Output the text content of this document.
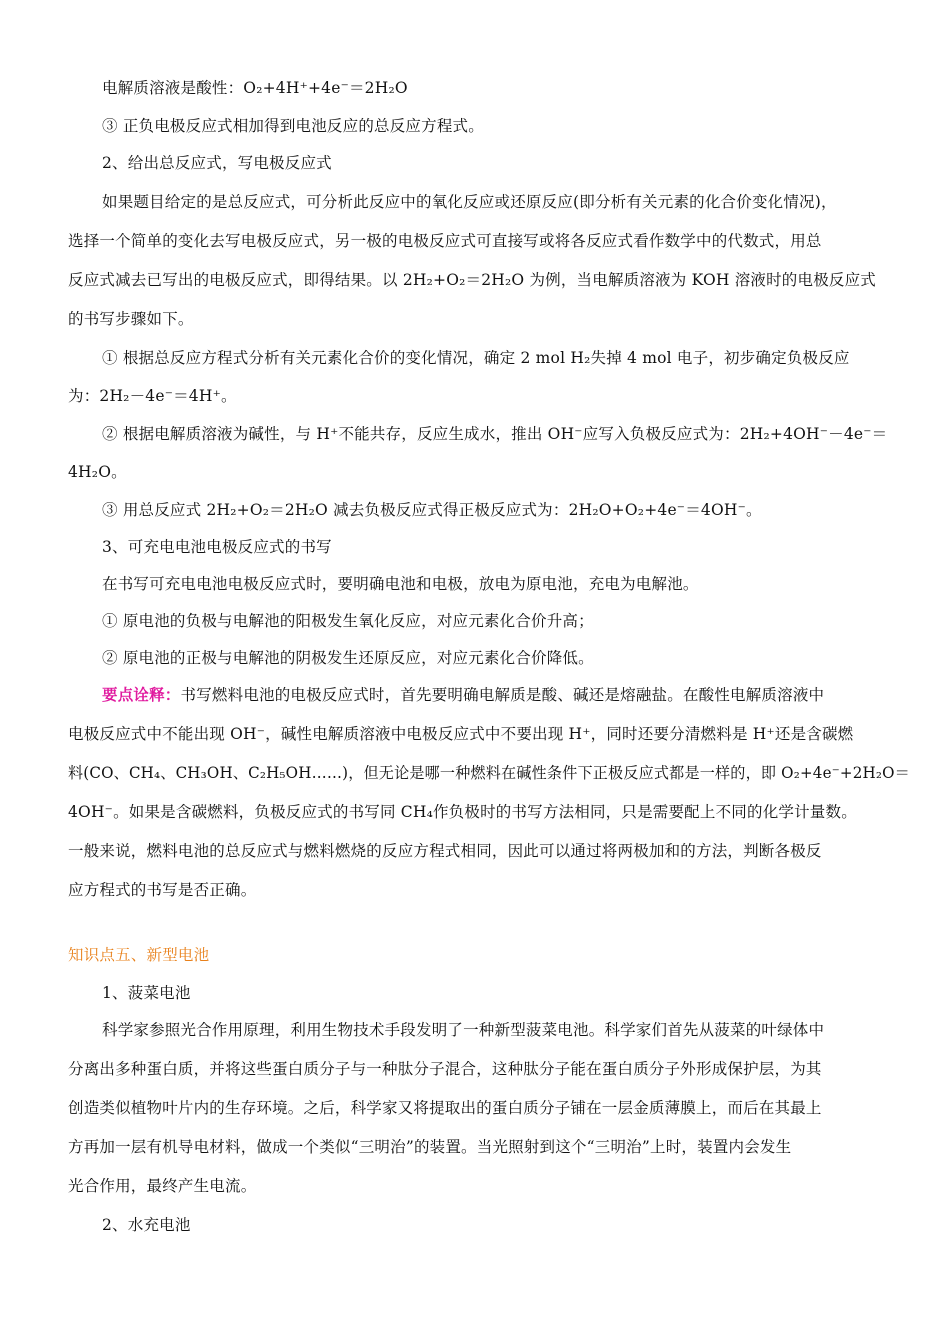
电解质溶液是酸性：O₂+4H⁺+4e⁻＝2H₂O
③ 正负电极反应式相加得到电池反应的总反应方程式。
2、给出总反应式，写电极反应式
如果题目给定的是总反应式，可分析此反应中的氧化反应或还原反应(即分析有关元素的化合价变化情况)，
选择一个简单的变化去写电极反应式，另一极的电极反应式可直接写或将各反应式看作数学中的代数式，用总
反应式减去已写出的电极反应式，即得结果。以 2H₂+O₂＝2H₂O 为例，当电解质溶液为 KOH 溶液时的电极反应式
的书写步骤如下。
① 根据总反应方程式分析有关元素化合价的变化情况，确定 2 mol H₂失掉 4 mol 电子，初步确定负极反应
为：2H₂－4e⁻＝4H⁺。
② 根据电解质溶液为碱性，与 H⁺不能共存，反应生成水，推出 OH⁻应写入负极反应式为：2H₂+4OH⁻－4e⁻＝
4H₂O。
③ 用总反应式 2H₂+O₂＝2H₂O 减去负极反应式得正极反应式为：2H₂O+O₂+4e⁻＝4OH⁻。
3、可充电电池电极反应式的书写
在书写可充电电池电极反应式时，要明确电池和电极，放电为原电池，充电为电解池。
① 原电池的负极与电解池的阳极发生氧化反应，对应元素化合价升高；
② 原电池的正极与电解池的阴极发生还原反应，对应元素化合价降低。
要点诠释：书写燃料电池的电极反应式时，首先要明确电解质是酸、碱还是熔融盐。在酸性电解质溶液中
电极反应式中不能出现 OH⁻，碱性电解质溶液中电极反应式中不要出现 H⁺，同时还要分清燃料是 H⁺还是含碳燃
料(CO、CH₄、CH₃OH、C₂H₅OH……)，但无论是哪一种燃料在碱性条件下正极反应式都是一样的，即 O₂+4e⁻+2H₂O＝
4OH⁻。如果是含碳燃料，负极反应式的书写同 CH₄作负极时的书写方法相同，只是需要配上不同的化学计量数。
一般来说，燃料电池的总反应式与燃料燃烧的反应方程式相同，因此可以通过将两极加和的方法，判断各极反
应方程式的书写是否正确。
知识点五、新型电池
1、菠菜电池
科学家参照光合作用原理，利用生物技术手段发明了一种新型菠菜电池。科学家们首先从菠菜的叶绿体中
分离出多种蛋白质，并将这些蛋白质分子与一种肽分子混合，这种肽分子能在蛋白质分子外形成保护层，为其
创造类似植物叶片内的生存环境。之后，科学家又将提取出的蛋白质分子铺在一层金质薄膜上，而后在其最上
方再加一层有机导电材料，做成一个类似“三明治”的装置。当光照射到这个“三明治”上时，装置内会发生
光合作用，最终产生电流。
2、水充电池
